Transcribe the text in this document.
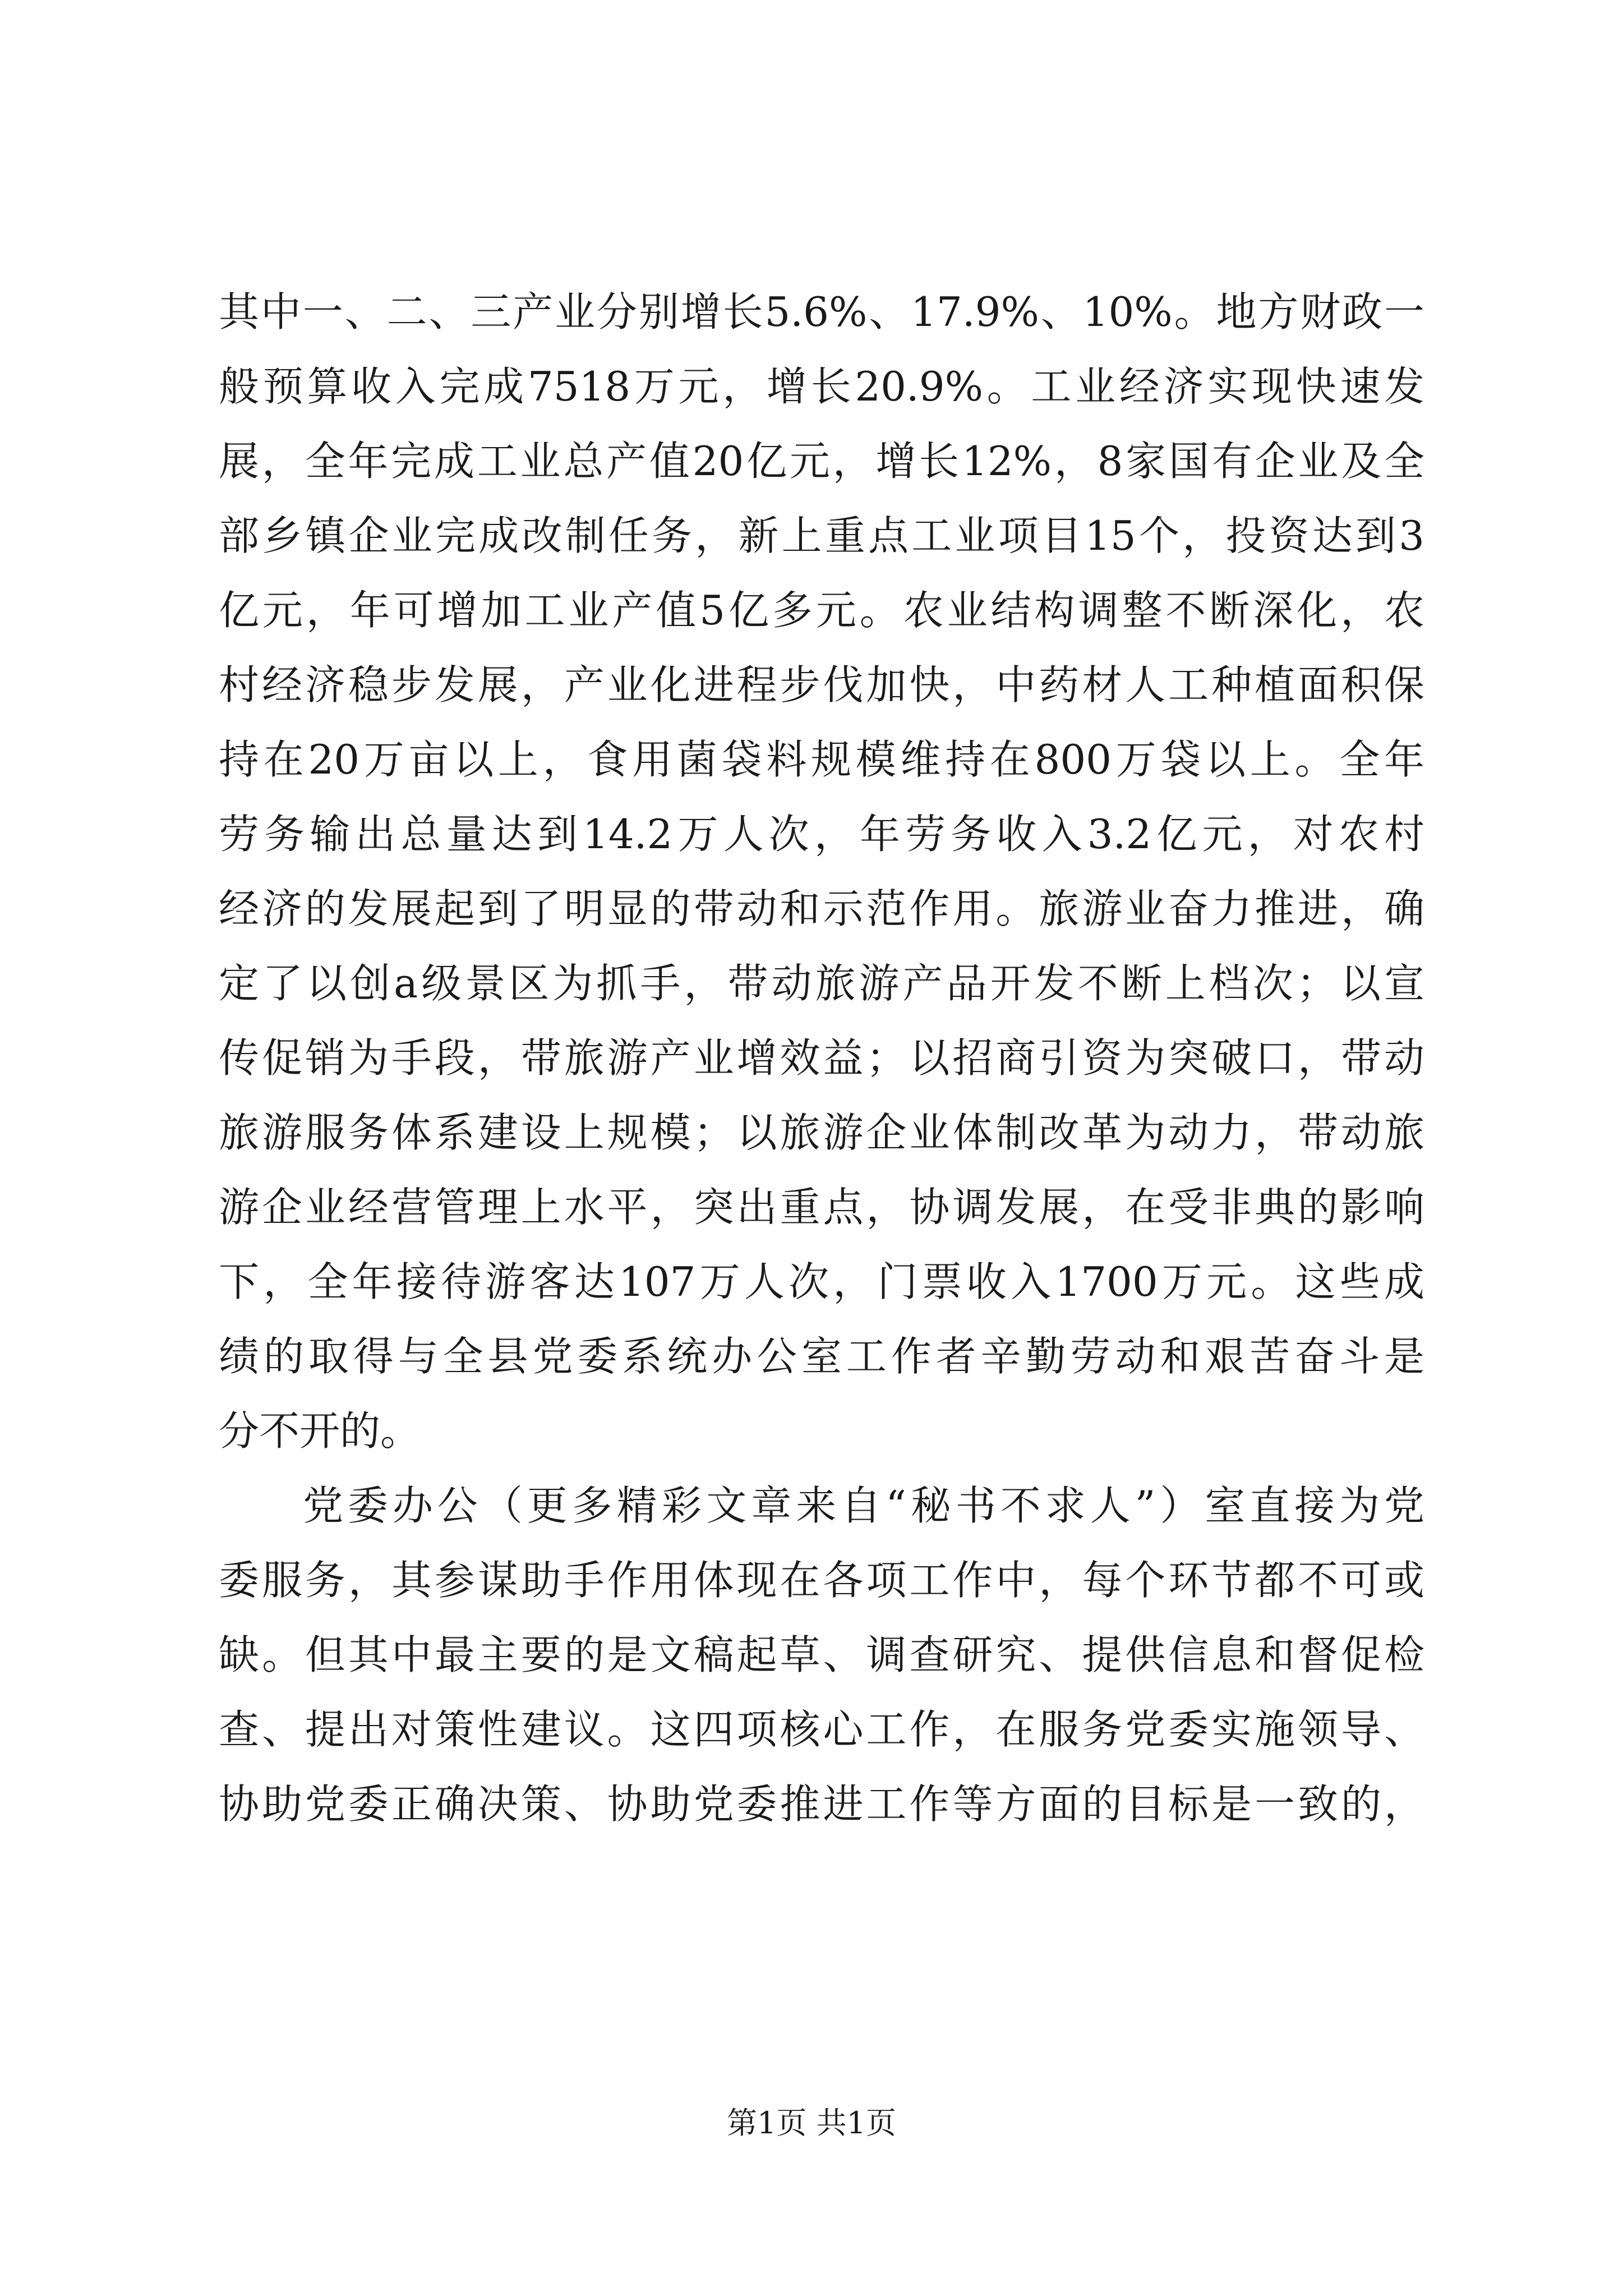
其中一、二、三产业分别增长5.6%、17.9%、10%。地方财政一
般预算收入完成7518万元，增长20.9%。工业经济实现快速发
展，全年完成工业总产值20亿元，增长12%，8家国有企业及全
部乡镇企业完成改制任务，新上重点工业项目15个，投资达到3
亿元，年可增加工业产值5亿多元。农业结构调整不断深化，农
村经济稳步发展，产业化进程步伐加快，中药材人工种植面积保
持在20万亩以上，食用菌袋料规模维持在800万袋以上。全年
劳务输出总量达到14.2万人次，年劳务收入3.2亿元，对农村
经济的发展起到了明显的带动和示范作用。旅游业奋力推进，确
定了以创a级景区为抓手，带动旅游产品开发不断上档次；以宣
传促销为手段，带旅游产业增效益；以招商引资为突破口，带动
旅游服务体系建设上规模；以旅游企业体制改革为动力，带动旅
游企业经营管理上水平，突出重点，协调发展，在受非典的影响
下，全年接待游客达107万人次，门票收入1700万元。这些成
绩的取得与全县党委系统办公室工作者辛勤劳动和艰苦奋斗是
分不开的。
党委办公（更多精彩文章来自“秘书不求人”）室直接为党
委服务，其参谋助手作用体现在各项工作中，每个环节都不可或
缺。但其中最主要的是文稿起草、调查研究、提供信息和督促检
查、提出对策性建议。这四项核心工作，在服务党委实施领导、
协助党委正确决策、协助党委推进工作等方面的目标是一致的，
第1页 共1页
